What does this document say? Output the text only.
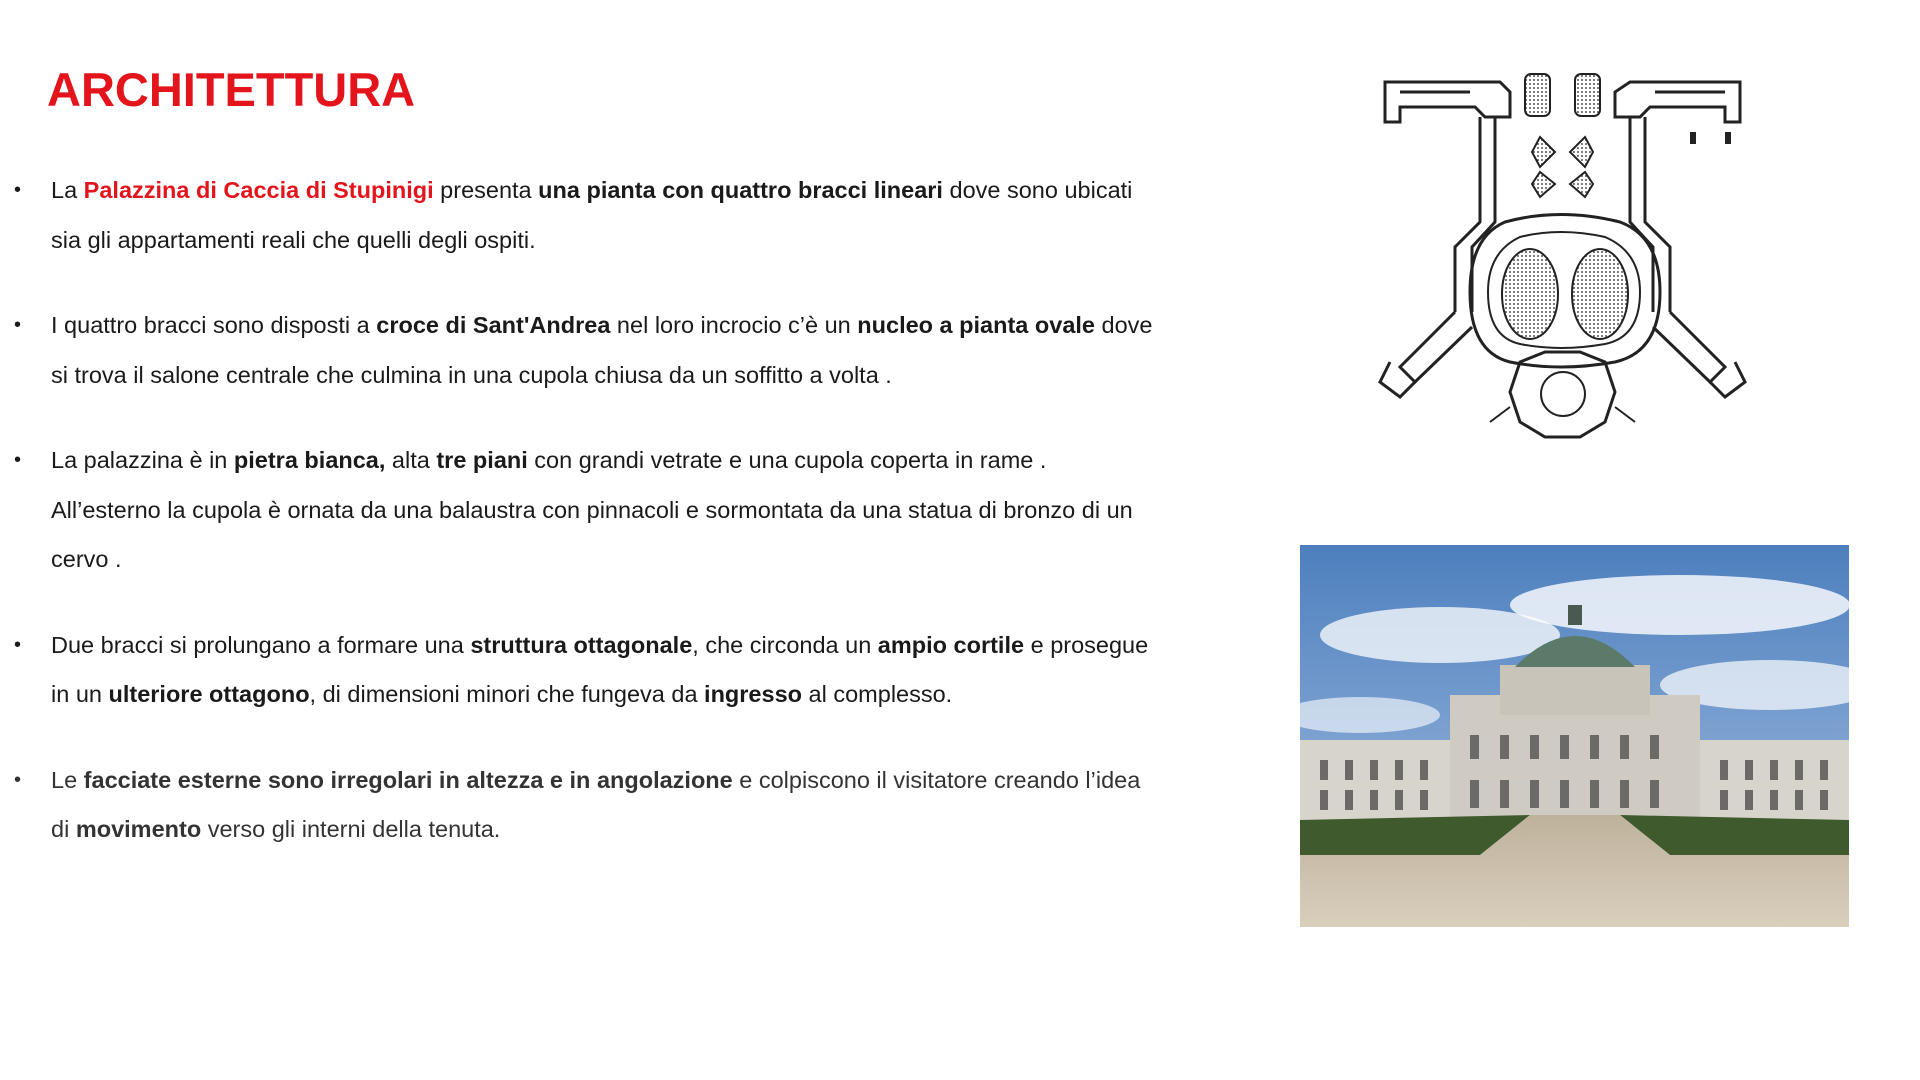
ARCHITETTURA
• La Palazzina di Caccia di Stupinigi presenta una pianta con quattro bracci lineari dove sono ubicati sia gli appartamenti reali che quelli degli ospiti.
• I quattro bracci sono disposti a croce di Sant'Andrea nel loro incrocio c’è un nucleo a pianta ovale dove si trova il salone centrale che culmina in una cupola chiusa da un soffitto a volta .
• La palazzina è in pietra bianca, alta tre piani con grandi vetrate e una cupola coperta in rame . All’esterno la cupola è ornata da una balaustra con pinnacoli e sormontata da una statua di bronzo di un cervo .
• Due bracci si prolungano a formare una struttura ottagonale, che circonda un ampio cortile e prosegue in un ulteriore ottagono, di dimensioni minori che fungeva da ingresso al complesso.
• Le facciate esterne sono irregolari in altezza e in angolazione e colpiscono il visitatore creando l’idea di movimento verso gli interni della tenuta.
